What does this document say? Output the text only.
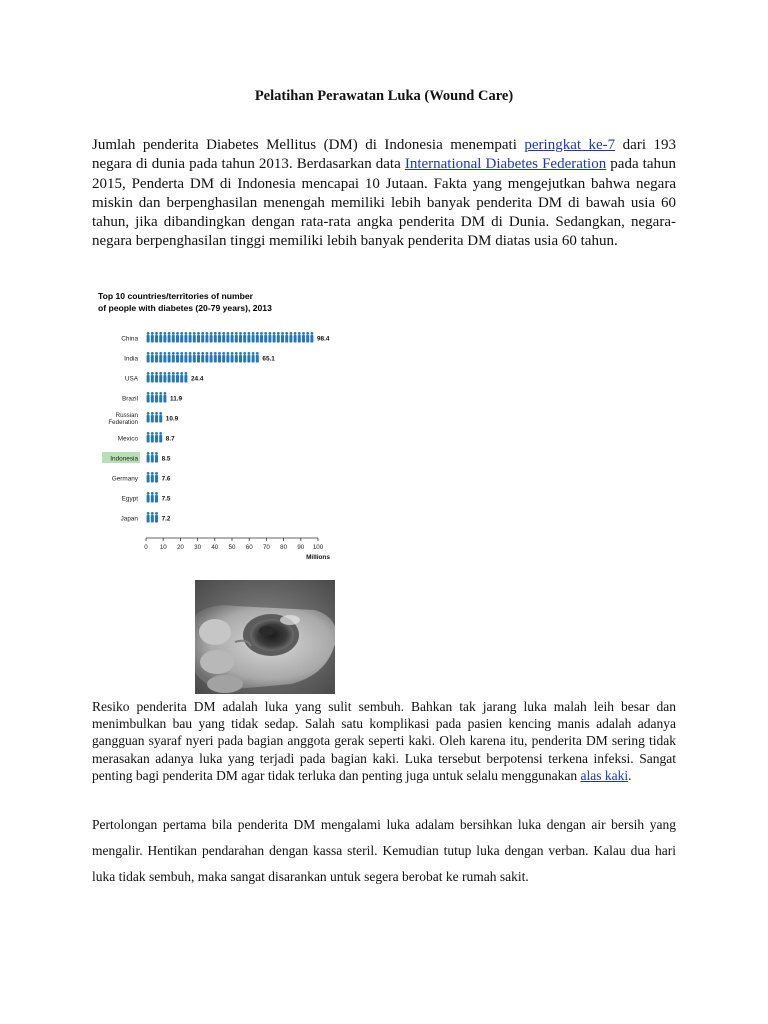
Pelatihan Perawatan Luka (Wound Care)

Jumlah penderita Diabetes Mellitus (DM) di Indonesia menempati peringkat ke-7 dari 193 negara di dunia pada tahun 2013. Berdasarkan data International Diabetes Federation pada tahun 2015, Penderta DM di Indonesia mencapai 10 Jutaan. Fakta yang mengejutkan bahwa negara miskin dan berpenghasilan menengah memiliki lebih banyak penderita DM di bawah usia 60 tahun, jika dibandingkan dengan rata-rata angka penderita DM di Dunia. Sedangkan, negara-negara berpenghasilan tinggi memiliki lebih banyak penderita DM diatas usia 60 tahun.

Top 10 countries/territories of number
of people with diabetes (20-79 years), 2013
China	98.4
India	65.1
USA	24.4
Brazil	11.9
Russian
Federation	10.9
Mexico	8.7
Indonesia	8.5
Germany	7.6
Egypt	7.5
Japan	7.2
0 10 20 30 40 50 60 70 80 90 100
Millions

Resiko penderita DM adalah luka yang sulit sembuh. Bahkan tak jarang luka malah leih besar dan menimbulkan bau yang tidak sedap. Salah satu komplikasi pada pasien kencing manis adalah adanya gangguan syaraf nyeri pada bagian anggota gerak seperti kaki. Oleh karena itu, penderita DM sering tidak merasakan adanya luka yang terjadi pada bagian kaki. Luka tersebut berpotensi terkena infeksi. Sangat penting bagi penderita DM agar tidak terluka dan penting juga untuk selalu menggunakan alas kaki.

Pertolongan pertama bila penderita DM mengalami luka adalam bersihkan luka dengan air bersih yang mengalir. Hentikan pendarahan dengan kassa steril. Kemudian tutup luka dengan verban. Kalau dua hari luka tidak sembuh, maka sangat disarankan untuk segera berobat ke rumah sakit.
